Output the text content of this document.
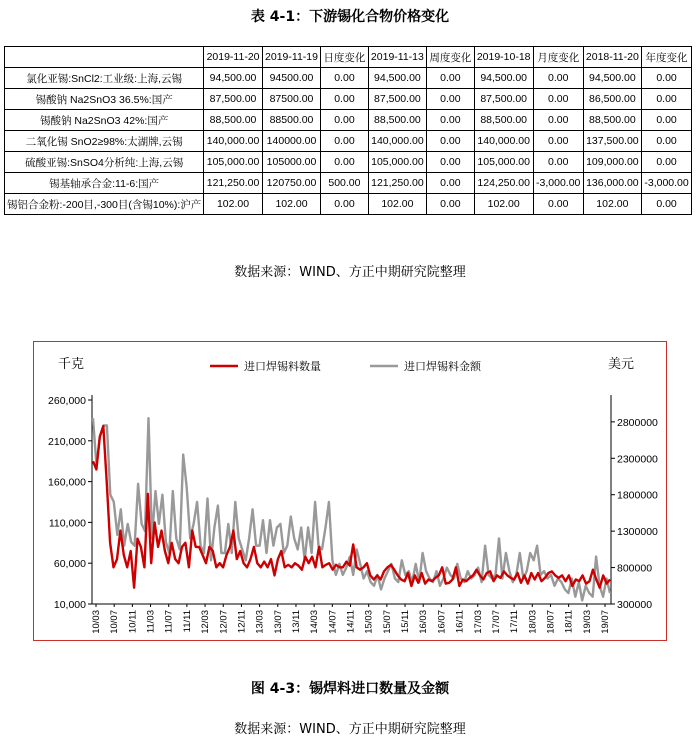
表 4-1：下游锡化合物价格变化
	2019-11-20	2019-11-19	日度变化	2019-11-13	周度变化	2019-10-18	月度变化	2018-11-20	年度变化
氯化亚锡:SnCl2:工业级:上海,云锡	94,500.00	94500.00	0.00	94,500.00	0.00	94,500.00	0.00	94,500.00	0.00
锡酸钠 Na2SnO3 36.5%:国产	87,500.00	87500.00	0.00	87,500.00	0.00	87,500.00	0.00	86,500.00	0.00
锡酸钠 Na2SnO3 42%:国产	88,500.00	88500.00	0.00	88,500.00	0.00	88,500.00	0.00	88,500.00	0.00
二氧化锡 SnO2≥98%:太湖牌,云锡	140,000.00	140000.00	0.00	140,000.00	0.00	140,000.00	0.00	137,500.00	0.00
硫酸亚锡:SnSO4分析纯:上海,云锡	105,000.00	105000.00	0.00	105,000.00	0.00	105,000.00	0.00	109,000.00	0.00
锡基轴承合金:11-6:国产	121,250.00	120750.00	500.00	121,250.00	0.00	124,250.00	-3,000.00	136,000.00	-3,000.00
锡铝合金粉:-200目,-300目(含锡10%):沪产	102.00	102.00	0.00	102.00	0.00	102.00	0.00	102.00	0.00
数据来源：WIND、方正中期研究院整理
千克	美元
10,000
60,000
110,000
160,000
210,000
260,000
300000
800000
1300000
1800000
2300000
2800000
10/03 10/07 10/11 11/03 11/07 11/11 12/03 12/07 12/11 13/03 13/07 13/11 14/03 14/07 14/11 15/03 15/07 15/11 16/03 16/07 16/11 17/03 17/07 17/11 18/03 18/07 18/11 19/03 19/07
进口焊锡料数量	进口焊锡料金额
图 4-3：锡焊料进口数量及金额
数据来源：WIND、方正中期研究院整理
